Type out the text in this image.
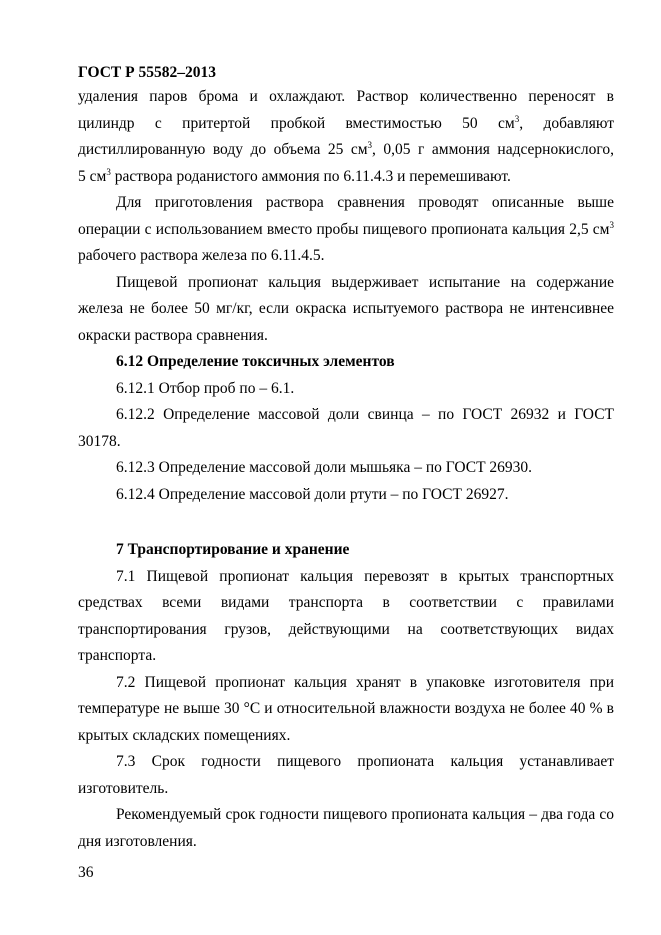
ГОСТ Р 55582–2013
удаления паров брома и охлаждают. Раствор количественно переносят в
цилиндр с притертой пробкой вместимостью 50 $см^3$, добавляют
дистиллированную воду до объема 25 $см^3$, 0,05 г аммония надсернокислого,

5 $см^3$ раствора роданистого аммония по 6.11.4.3 и перемешивают.

Для приготовления раствора сравнения проводят описанные выше операции с использованием вместо пробы пищевого пропионата кальция 2,5 $см^3$ рабочего раствора железа по 6.11.4.5.

Пищевой пропионат кальция выдерживает испытание на содержание железа не более 50 мг/кг, если окраска испытуемого раствора не интенсивнее окраски раствора сравнения.

6.12 Определение токсичных элементов
6.12.1 Отбор проб по – 6.1.

6.12.2 Определение массовой доли свинца – по ГОСТ 26932 и ГОСТ 30178.

6.12.3 Определение массовой доли мышьяка – по ГОСТ 26930.
6.12.4 Определение массовой доли ртути – по ГОСТ 26927.
7 Транспортирование и хранение

7.1 Пищевой пропионат кальция перевозят в крытых транспортных средствах всеми видами транспорта в соответствии с правилами транспортирования грузов, действующими на соответствующих видах транспорта.

7.2 Пищевой пропионат кальция хранят в упаковке изготовителя при температуре не выше 30 °С и относительной влажности воздуха не более 40 % в крытых складских помещениях.

7.3 Срок годности пищевого пропионата кальция устанавливает изготовитель.

Рекомендуемый срок годности пищевого пропионата кальция – два года со дня изготовления.

36
